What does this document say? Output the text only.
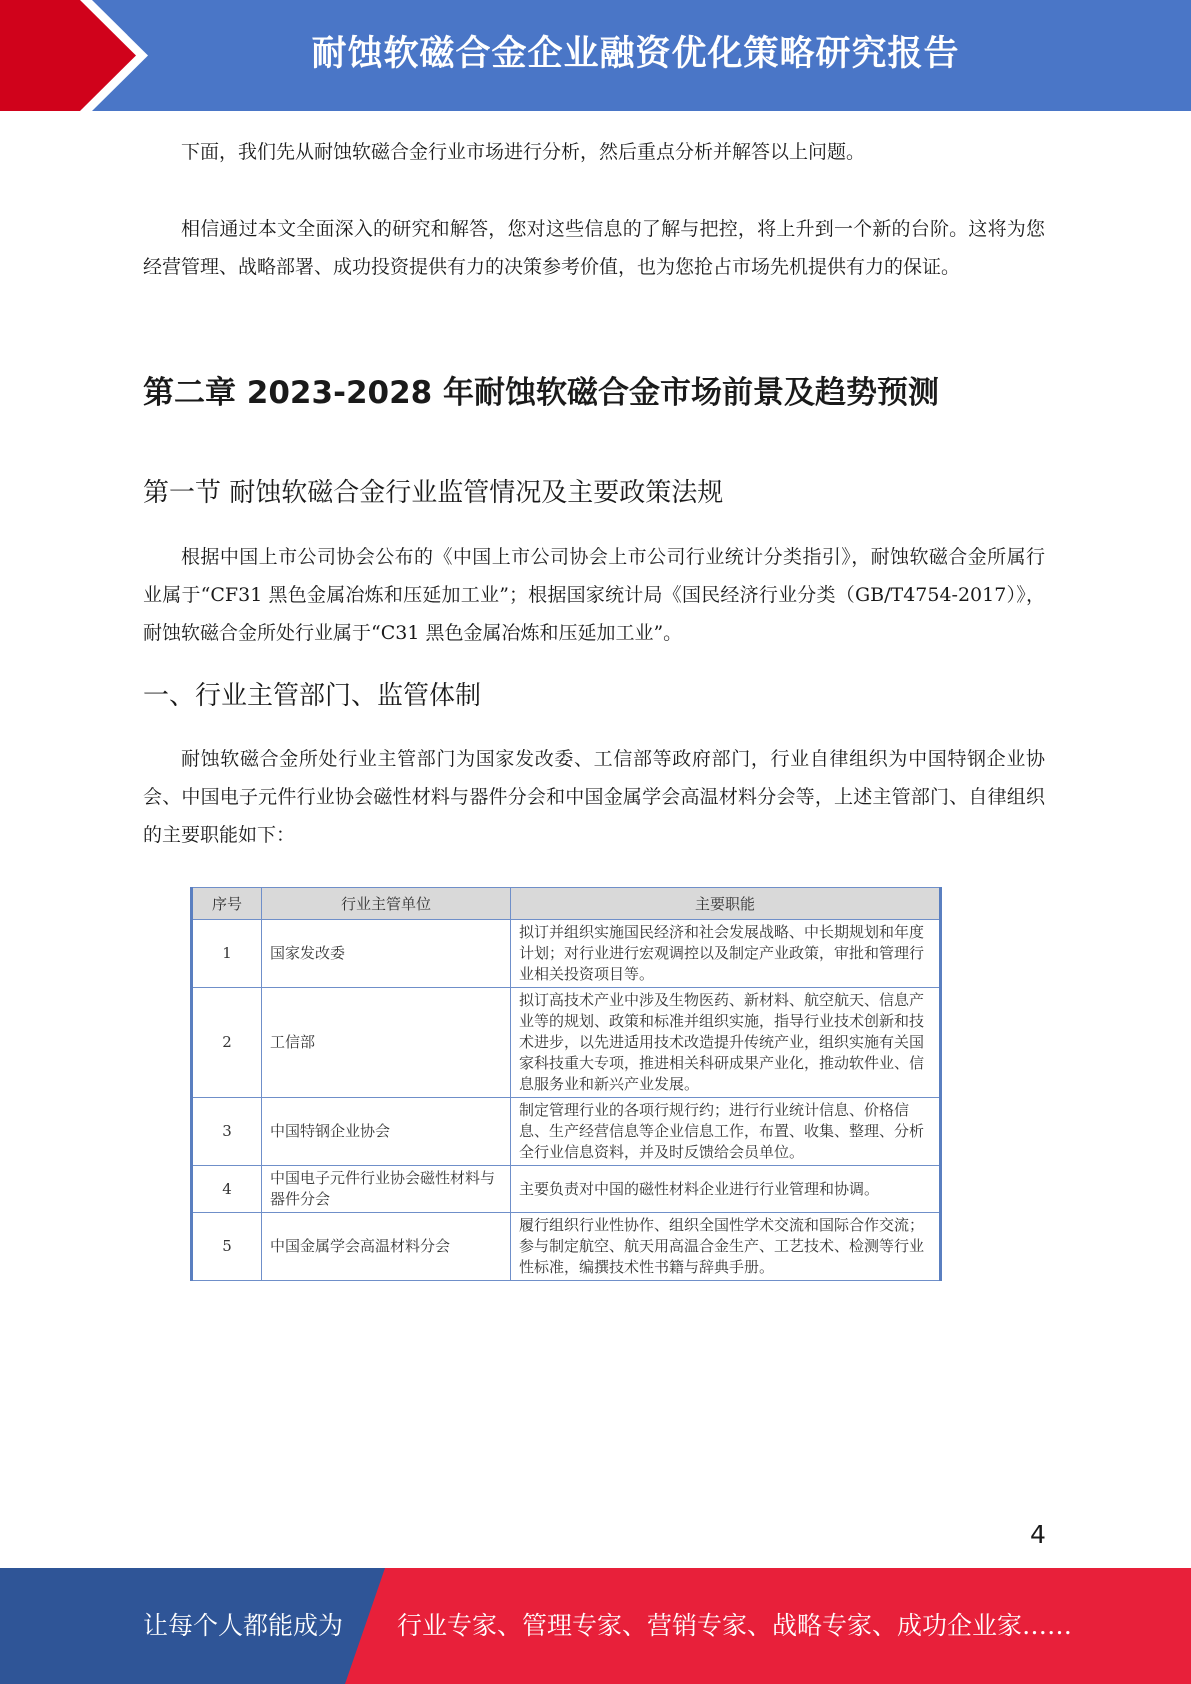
耐蚀软磁合金企业融资优化策略研究报告

下面，我们先从耐蚀软磁合金行业市场进行分析，然后重点分析并解答以上问题。

相信通过本文全面深入的研究和解答，您对这些信息的了解与把控，将上升到一个新的台阶。这将为您经营管理、战略部署、成功投资提供有力的决策参考价值，也为您抢占市场先机提供有力的保证。

第二章 2023-2028 年耐蚀软磁合金市场前景及趋势预测
第一节 耐蚀软磁合金行业监管情况及主要政策法规

根据中国上市公司协会公布的《中国上市公司协会上市公司行业统计分类指引》，耐蚀软磁合金所属行业属于“CF31 黑色金属冶炼和压延加工业”；根据国家统计局《国民经济行业分类（GB/T4754-2017）》，耐蚀软磁合金所处行业属于“C31 黑色金属冶炼和压延加工业”。

一、行业主管部门、监管体制

耐蚀软磁合金所处行业主管部门为国家发改委、工信部等政府部门，行业自律组织为中国特钢企业协会、中国电子元件行业协会磁性材料与器件分会和中国金属学会高温材料分会等，上述主管部门、自律组织的主要职能如下：

序号	行业主管单位	主要职能
1	国家发改委	拟订并组织实施国民经济和社会发展战略、中长期规划和年度计划；对行业进行宏观调控以及制定产业政策，审批和管理行业相关投资项目等。
2	工信部	拟订高技术产业中涉及生物医药、新材料、航空航天、信息产业等的规划、政策和标准并组织实施，指导行业技术创新和技术进步，以先进适用技术改造提升传统产业，组织实施有关国家科技重大专项，推进相关科研成果产业化，推动软件业、信息服务业和新兴产业发展。
3	中国特钢企业协会	制定管理行业的各项行规行约；进行行业统计信息、价格信息、生产经营信息等企业信息工作，布置、收集、整理、分析全行业信息资料，并及时反馈给会员单位。
4	中国电子元件行业协会磁性材料与器件分会	主要负责对中国的磁性材料企业进行行业管理和协调。
5	中国金属学会高温材料分会	履行组织行业性协作、组织全国性学术交流和国际合作交流；参与制定航空、航天用高温合金生产、工艺技术、检测等行业性标准，编撰技术性书籍与辞典手册。
4
让每个人都能成为 行业专家、管理专家、营销专家、战略专家、成功企业家……
